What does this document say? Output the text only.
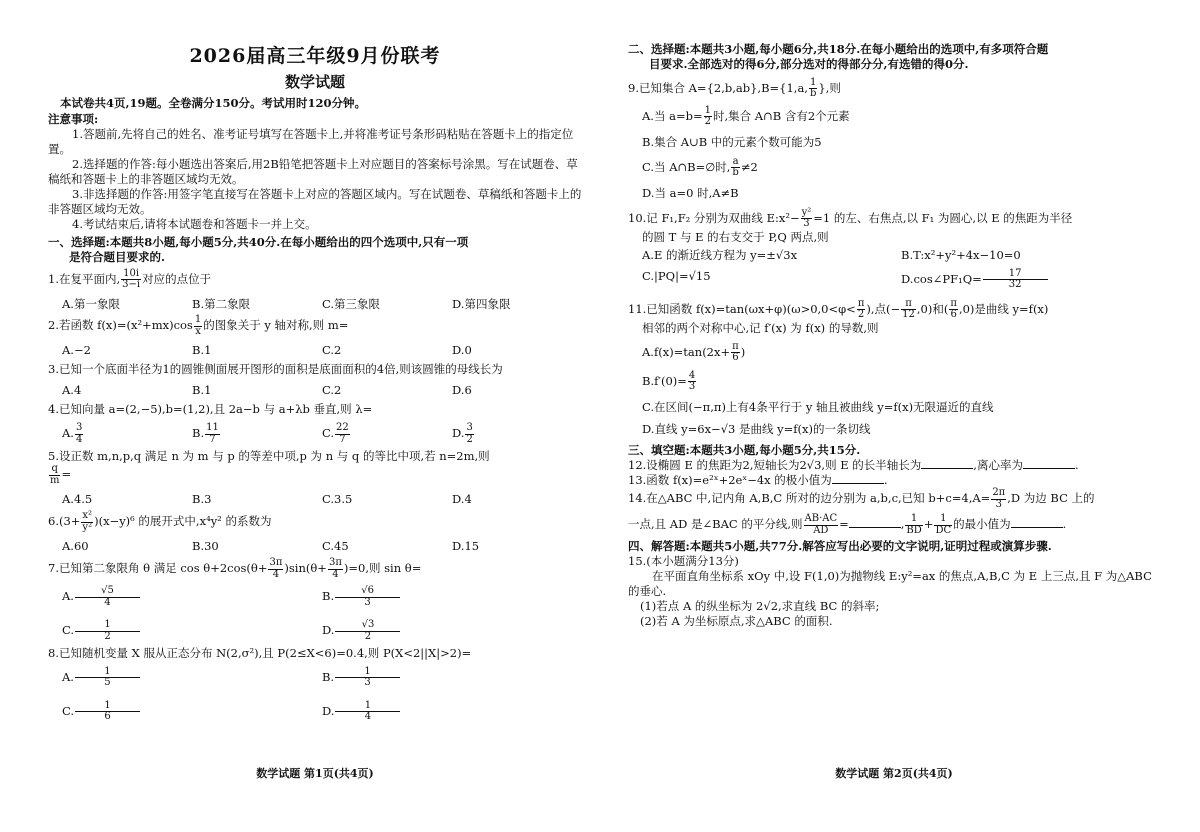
2026届高三年级9月份联考
数学试题
本试卷共4页,19题。全卷满分150分。考试用时120分钟。
注意事项:

1.答题前,先将自己的姓名、准考证号填写在答题卡上,并将准考证号条形码粘贴在答题卡上的指定位置。

2.选择题的作答:每小题选出答案后,用2B铅笔把答题卡上对应题目的答案标号涂黑。写在试题卷、草稿纸和答题卡上的非答题区域均无效。

3.非选择题的作答:用签字笔直接写在答题卡上对应的答题区域内。写在试题卷、草稿纸和答题卡上的非答题区域均无效。

4.考试结束后,请将本试题卷和答题卡一并上交。

一、选择题:本题共8小题,每小题5分,共40分.在每小题给出的四个选项中,只有一项
是符合题目要求的.
1.在复平面内, $\frac{10i}{3-i}$ 对应的点位于
A.第一象限	B.第二象限	C.第三象限	D.第四象限
2.若函数 $f(x)=(x^2+mx)\cos \frac{1}{x}$ 的图象关于 y 轴对称,则 m=
A.−2	B.1	C.2	D.0
3.已知一个底面半径为1的圆锥侧面展开图形的面积是底面面积的4倍,则该圆锥的母线长为
A.4	B.1	C.2	D.6
4.已知向量 a=(2,−5),b=(1,2),且 2a−b 与 a+λb 垂直,则 λ=
A. $\frac{3}{4}$	B. $\frac{11}{7}$	C. $\frac{22}{7}$	D. $\frac{3}{2}$
5.设正数 m,n,p,q 满足 n 为 m 与 p 的等差中项,p 为 n 与 q 的等比中项,若 n=2m,则
$\frac{q}{m}$ =
A.4.5	B.3	C.3.5	D.4
$6.(3+ \frac{\text{x²}}{\text{y²}} )(x-y)^6$ 的展开式中,x⁴y² 的系数为
A.60	B.30	C.45	D.15
7.已知第二象限角 θ 满足 $\cos \theta+2\cos(\theta+ \frac{3\pi}{4} )\sin(\theta+ \frac{3\pi}{4} )=0$,则 sin θ=
A. $\frac{√5}{4}$	B. $\frac{√6}{3}$
C. $\frac{1}{2}$	D. $\frac{√3}{2}$
8.已知随机变量 X 服从正态分布 N(2,σ²),且 P(2≤X<6)=0.4,则 P(X<2||X|>2)=
A. $\frac{1}{5}$	B. $\frac{1}{3}$
C. $\frac{1}{6}$	D. $\frac{1}{4}$
数学试题 第1页(共4页)
二、选择题:本题共3小题,每小题6分,共18分.在每小题给出的选项中,有多项符合题
目要求.全部选对的得6分,部分选对的得部分分,有选错的得0分.
9.已知集合 A={2,b,ab},B={1,a, $\frac{1}{b}$ },则
A.当 $a=b= \frac{1}{2}$ 时,集合 A∩B 含有2个元素
B.集合 A∪B 中的元素个数可能为5
C.当 A∩B=∅时, $\frac{a}{b} \ne 2$
D.当 a=0 时,A≠B
10.记 F₁,F₂ 分别为双曲线 E:x²− $\frac{\text{y²}}{3} =1$ 的左、右焦点,以 F₁ 为圆心,以 E 的焦距为半径
的圆 T 与 E 的右支交于 P,Q 两点,则
A.E 的渐近线方程为 y=±√3x	B.T:x²+y²+4x−10=0
C.|PQ|=√15	D.cos∠PF₁Q= $\frac{17}{32}$
11.已知函数 $f(x)=\tan(\omega x+\varphi)(\omega>0,0<\varphi< \frac{\pi}{2}$ ),点(− $\frac{\pi}{12} ,0$)和( $\frac{\pi}{6} ,0$)是曲线 y=f(x)
相邻的两个对称中心,记 f′(x) 为 f(x) 的导数,则
$A.f(x)=\tan(2x+ \frac{\pi}{6}$ )
$B.f'(0)= \frac{4}{3}$
C.在区间(−π,π)上有4条平行于 y 轴且被曲线 y=f(x)无限逼近的直线
D.直线 y=6x−√3 是曲线 y=f(x)的一条切线
三、填空题:本题共3小题,每小题5分,共15分.
12.设椭圆 E 的焦距为2,短轴长为2√3,则 E 的长半轴长为	,离心率为	.
13.函数 f(x)=e²ˣ+2eˣ−4x 的极小值为	.
14.在△ABC 中,记内角 A,B,C 所对的边分别为 a,b,c,已知 $b+c=4,A= \frac{2\pi}{3} ,D$ 为边 BC 上的
一点,且 AD 是∠BAC 的平分线,则 $\frac{AB\cdot AC}{AD}$ =	, $\frac{1}{BD} + \frac{1}{DC}$ 的最小值为	.
四、解答题:本题共5小题,共77分.解答应写出必要的文字说明,证明过程或演算步骤.
15.(本小题满分13分)
在平面直角坐标系 xOy 中,设 F(1,0)为抛物线 E:y²=ax 的焦点,A,B,C 为 E 上三点,且 F 为△ABC 的垂心.
(1)若点 A 的纵坐标为 2√2,求直线 BC 的斜率;
(2)若 A 为坐标原点,求△ABC 的面积.
数学试题 第2页(共4页)
